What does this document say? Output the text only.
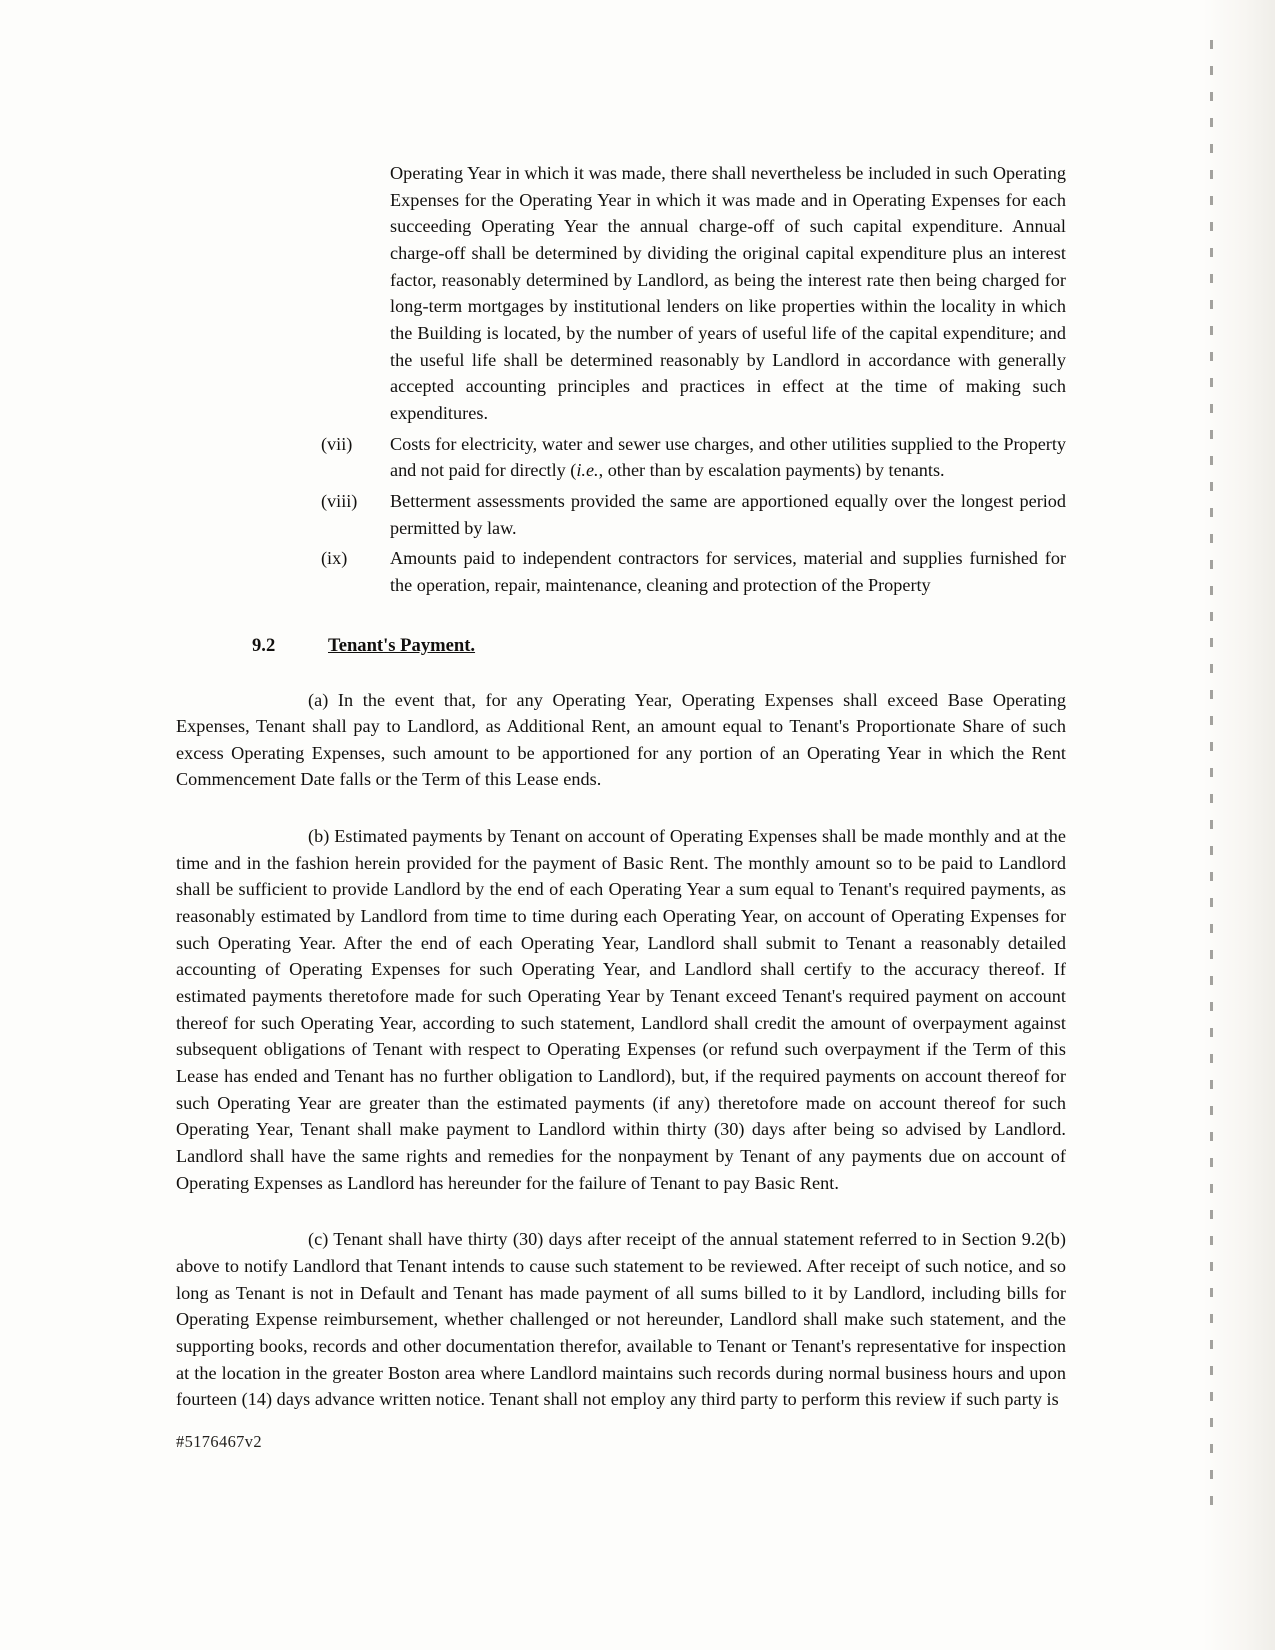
Operating Year in which it was made, there shall nevertheless be included in such Operating Expenses for the Operating Year in which it was made and in Operating Expenses for each succeeding Operating Year the annual charge-off of such capital expenditure. Annual charge-off shall be determined by dividing the original capital expenditure plus an interest factor, reasonably determined by Landlord, as being the interest rate then being charged for long-term mortgages by institutional lenders on like properties within the locality in which the Building is located, by the number of years of useful life of the capital expenditure; and the useful life shall be determined reasonably by Landlord in accordance with generally accepted accounting principles and practices in effect at the time of making such expenditures.

(vii)	Costs for electricity, water and sewer use charges, and other utilities supplied to the Property and not paid for directly (i.e., other than by escalation payments) by tenants.
(viii)	Betterment assessments provided the same are apportioned equally over the longest period permitted by law.
(ix)	Amounts paid to independent contractors for services, material and supplies furnished for the operation, repair, maintenance, cleaning and protection of the Property
9.2	Tenant's Payment.

(a) In the event that, for any Operating Year, Operating Expenses shall exceed Base Operating Expenses, Tenant shall pay to Landlord, as Additional Rent, an amount equal to Tenant's Proportionate Share of such excess Operating Expenses, such amount to be apportioned for any portion of an Operating Year in which the Rent Commencement Date falls or the Term of this Lease ends.

(b) Estimated payments by Tenant on account of Operating Expenses shall be made monthly and at the time and in the fashion herein provided for the payment of Basic Rent. The monthly amount so to be paid to Landlord shall be sufficient to provide Landlord by the end of each Operating Year a sum equal to Tenant's required payments, as reasonably estimated by Landlord from time to time during each Operating Year, on account of Operating Expenses for such Operating Year. After the end of each Operating Year, Landlord shall submit to Tenant a reasonably detailed accounting of Operating Expenses for such Operating Year, and Landlord shall certify to the accuracy thereof. If estimated payments theretofore made for such Operating Year by Tenant exceed Tenant's required payment on account thereof for such Operating Year, according to such statement, Landlord shall credit the amount of overpayment against subsequent obligations of Tenant with respect to Operating Expenses (or refund such overpayment if the Term of this Lease has ended and Tenant has no further obligation to Landlord), but, if the required payments on account thereof for such Operating Year are greater than the estimated payments (if any) theretofore made on account thereof for such Operating Year, Tenant shall make payment to Landlord within thirty (30) days after being so advised by Landlord. Landlord shall have the same rights and remedies for the nonpayment by Tenant of any payments due on account of Operating Expenses as Landlord has hereunder for the failure of Tenant to pay Basic Rent.

(c) Tenant shall have thirty (30) days after receipt of the annual statement referred to in Section 9.2(b) above to notify Landlord that Tenant intends to cause such statement to be reviewed. After receipt of such notice, and so long as Tenant is not in Default and Tenant has made payment of all sums billed to it by Landlord, including bills for Operating Expense reimbursement, whether challenged or not hereunder, Landlord shall make such statement, and the supporting books, records and other documentation therefor, available to Tenant or Tenant's representative for inspection at the location in the greater Boston area where Landlord maintains such records during normal business hours and upon fourteen (14) days advance written notice. Tenant shall not employ any third party to perform this review if such party is

#5176467v2
